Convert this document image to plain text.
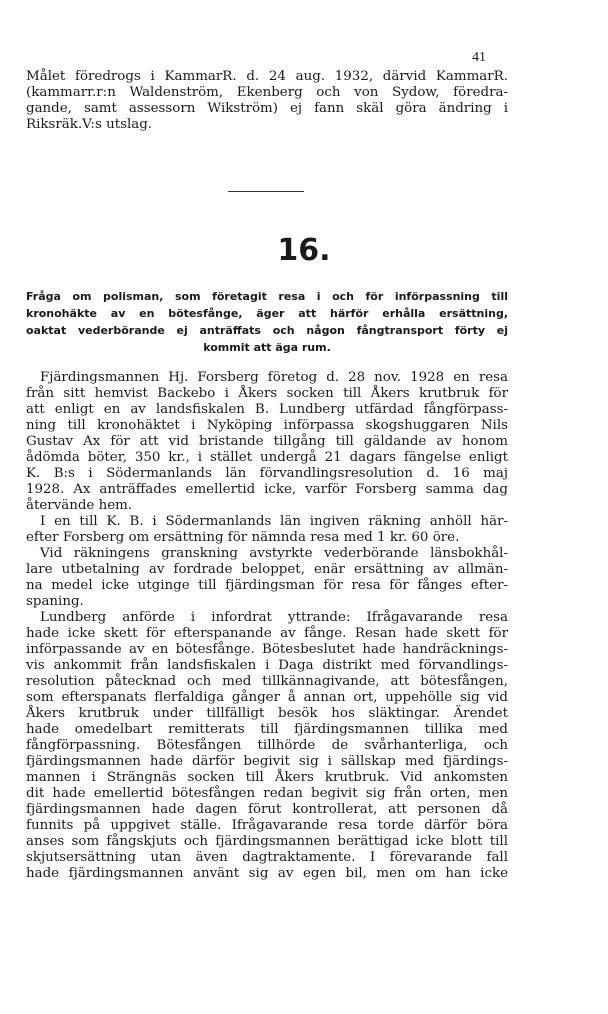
41
Målet föredrogs i KammarR. d. 24 aug. 1932, därvid KammarR.
(kammarr.r:n Waldenström, Ekenberg och von Sydow, föredra-
gande, samt assessorn Wikström) ej fann skäl göra ändring i
Riksräk.V:s utslag.
16.
Fråga om polisman, som företagit resa i och för införpassning till
kronohäkte av en bötesfånge, äger att härför erhålla ersättning,
oaktat vederbörande ej anträffats och någon fångtransport förty ej
kommit att äga rum.
Fjärdingsmannen Hj. Forsberg företog d. 28 nov. 1928 en resa
från sitt hemvist Backebo i Åkers socken till Åkers krutbruk för
att enligt en av landsfiskalen B. Lundberg utfärdad fångförpass-
ning till kronohäktet i Nyköping införpassa skogshuggaren Nils
Gustav Ax för att vid bristande tillgång till gäldande av honom
ådömda böter, 350 kr., i stället undergå 21 dagars fängelse enligt
K. B:s i Södermanlands län förvandlingsresolution d. 16 maj
1928. Ax anträffades emellertid icke, varför Forsberg samma dag
återvände hem.
I en till K. B. i Södermanlands län ingiven räkning anhöll här-
efter Forsberg om ersättning för nämnda resa med 1 kr. 60 öre.
Vid räkningens granskning avstyrkte vederbörande länsbokhål-
lare utbetalning av fordrade beloppet, enär ersättning av allmän-
na medel icke utginge till fjärdingsman för resa för fånges efter-
spaning.
Lundberg anförde i infordrat yttrande: Ifrågavarande resa
hade icke skett för efterspanande av fånge. Resan hade skett för
införpassande av en bötesfånge. Bötesbeslutet hade handräcknings-
vis ankommit från landsfiskalen i Daga distrikt med förvandlings-
resolution påtecknad och med tillkännagivande, att bötesfången,
som efterspanats flerfaldiga gånger å annan ort, uppehölle sig vid
Åkers krutbruk under tillfälligt besök hos släktingar. Ärendet
hade omedelbart remitterats till fjärdingsmannen tillika med
fångförpassning. Bötesfången tillhörde de svårhanterliga, och
fjärdingsmannen hade därför begivit sig i sällskap med fjärdings-
mannen i Strängnäs socken till Åkers krutbruk. Vid ankomsten
dit hade emellertid bötesfången redan begivit sig från orten, men
fjärdingsmannen hade dagen förut kontrollerat, att personen då
funnits på uppgivet ställe. Ifrågavarande resa torde därför böra
anses som fångskjuts och fjärdingsmannen berättigad icke blott till
skjutsersättning utan även dagtraktamente. I förevarande fall
hade fjärdingsmannen använt sig av egen bil, men om han icke
